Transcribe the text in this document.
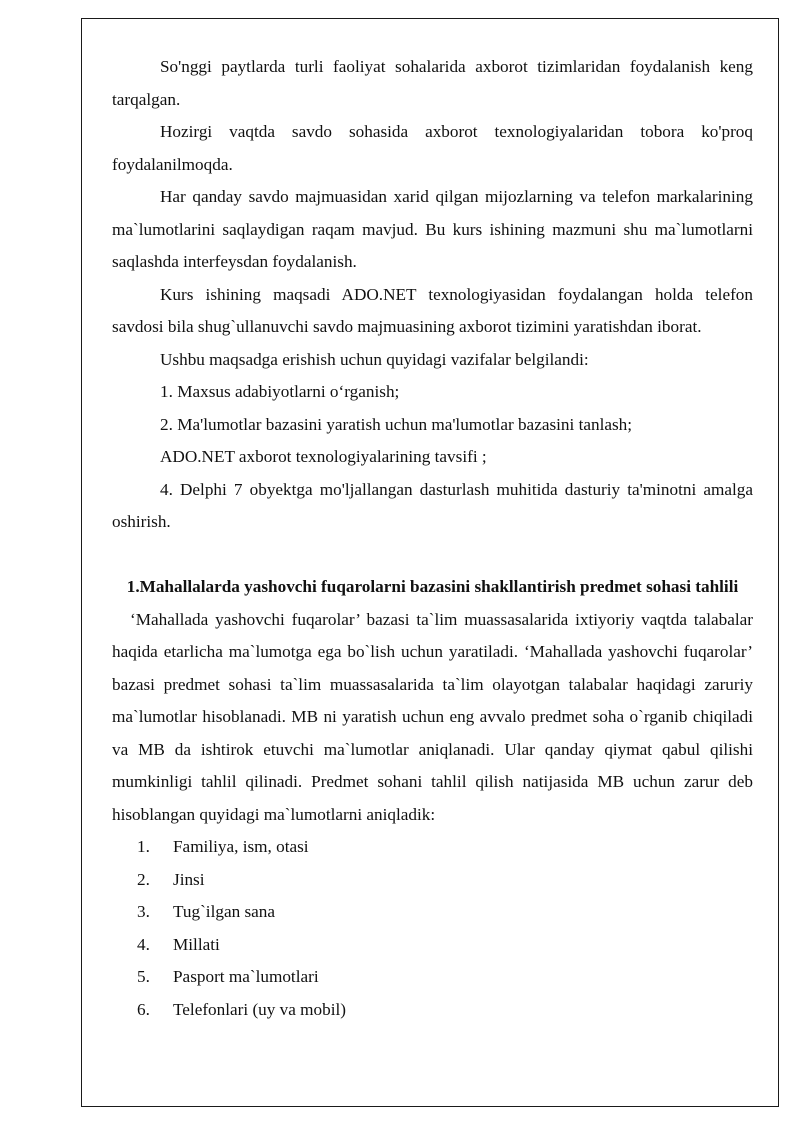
So'nggi paytlarda turli faoliyat sohalarida axborot tizimlaridan foydalanish keng tarqalgan.

Hozirgi vaqtda savdo sohasida axborot texnologiyalaridan tobora ko'proq foydalanilmoqda.

Har qanday savdo majmuasidan xarid qilgan mijozlarning va telefon markalarining ma`lumotlarini saqlaydigan raqam mavjud. Bu kurs ishining mazmuni shu ma`lumotlarni saqlashda interfeysdan foydalanish.

Kurs ishining maqsadi ADO.NET texnologiyasidan foydalangan holda telefon savdosi bila shug`ullanuvchi savdo majmuasining axborot tizimini yaratishdan iborat.

Ushbu maqsadga erishish uchun quyidagi vazifalar belgilandi:

1. Maxsus adabiyotlarni o‘rganish;

2. Ma'lumotlar bazasini yaratish uchun ma'lumotlar bazasini tanlash;

ADO.NET axborot texnologiyalarining tavsifi ;

4. Delphi 7 obyektga mo'ljallangan dasturlash muhitida dasturiy ta'minotni amalga oshirish.

1.Mahallalarda yashovchi fuqarolarni bazasini shakllantirish predmet sohasi tahlili

‘Mahallada yashovchi fuqarolar’ bazasi ta`lim muassasalarida ixtiyoriy vaqtda talabalar haqida etarlicha ma`lumotga ega bo`lish uchun yaratiladi. ‘Mahallada yashovchi fuqarolar’ bazasi predmet sohasi ta`lim muassasalarida ta`lim olayotgan talabalar haqidagi zaruriy ma`lumotlar hisoblanadi. MB ni yaratish uchun eng avvalo predmet soha o`rganib chiqiladi va MB da ishtirok etuvchi ma`lumotlar aniqlanadi. Ular qanday qiymat qabul qilishi mumkinligi tahlil qilinadi. Predmet sohani tahlil qilish natijasida MB uchun zarur deb hisoblangan quyidagi ma`lumotlarni aniqladik:

1. Familiya, ism, otasi
2. Jinsi
3. Tug`ilgan sana
4. Millati
5. Pasport ma`lumotlari
6. Telefonlari (uy va mobil)
